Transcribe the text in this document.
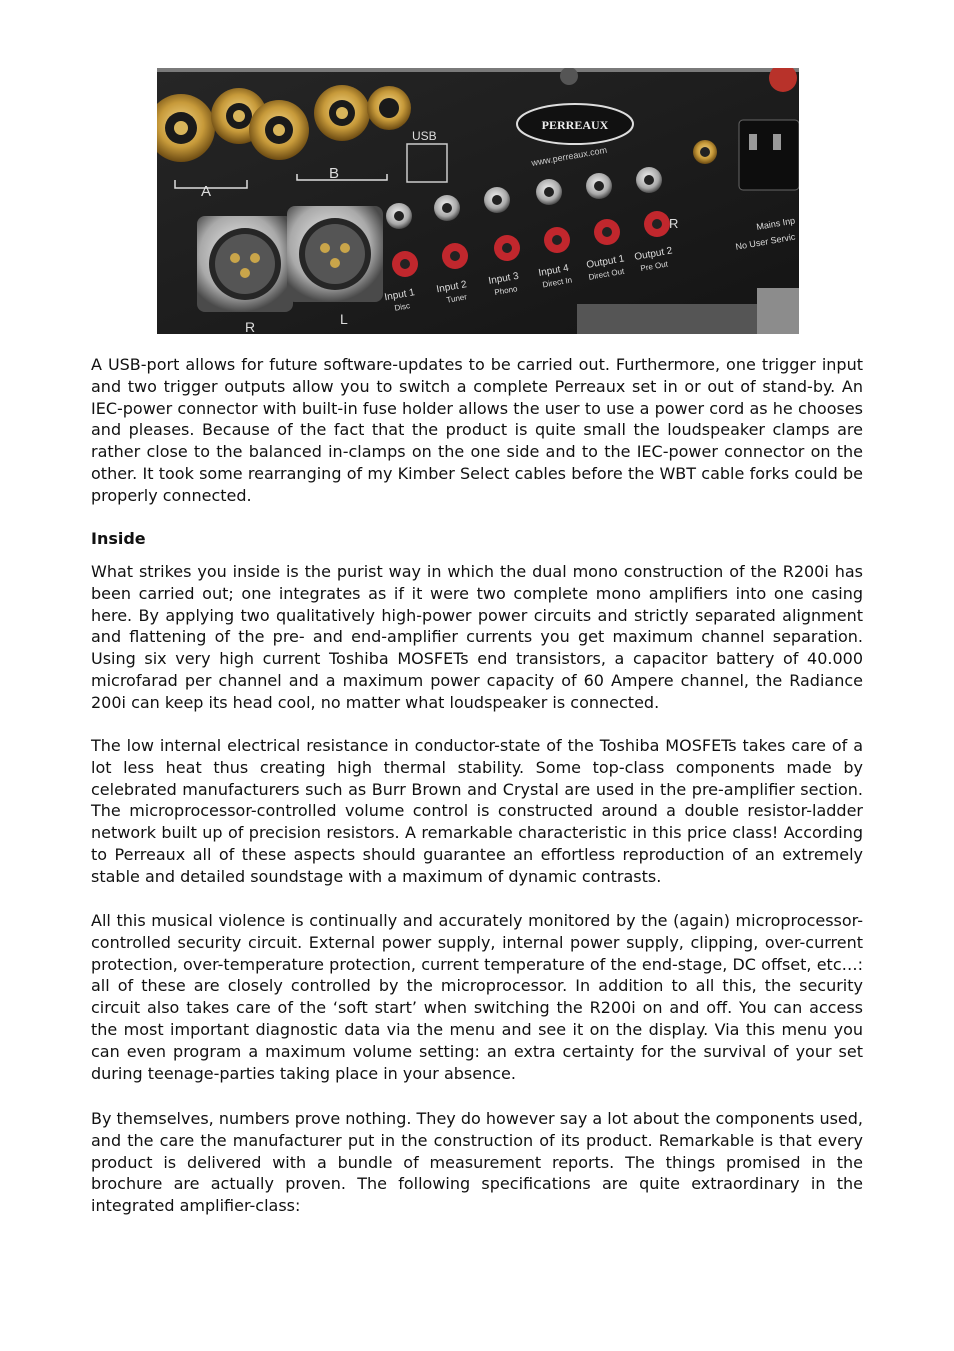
A
B
R	L
USB
PERREAUX
www.perreaux.com
R
Input 1
Disc
Input 2
Tuner
Input 3
Phono
Input 4
Direct In
Output 1
Direct Out
Output 2
Pre Out
Mains Inp
No User Servic
A USB-port allows for future software-updates to be carried out. Furthermore, one trigger input and two trigger outputs allow you to switch a complete Perreaux set in or out of stand-by. An IEC-power connector with built-in fuse holder allows the user to use a power cord as he chooses and pleases. Because of the fact that the product is quite small the loudspeaker clamps are rather close to the balanced in-clamps on the one side and to the IEC-power connector on the other. It took some rearranging of my Kimber Select cables before the WBT cable forks could be properly connected.
Inside
What strikes you inside is the purist way in which the dual mono construction of the R200i has been carried out; one integrates as if it were two complete mono amplifiers into one casing here. By applying two qualitatively high-power power circuits and strictly separated alignment and flattening of the pre- and end-amplifier currents you get maximum channel separation. Using six very high current Toshiba MOSFETs end transistors, a capacitor battery of 40.000 microfarad per channel and a maximum power capacity of 60 Ampere channel, the Radiance 200i can keep its head cool, no matter what loudspeaker is connected.
The low internal electrical resistance in conductor-state of the Toshiba MOSFETs takes care of a lot less heat thus creating high thermal stability. Some top-class components made by celebrated manufacturers such as Burr Brown and Crystal are used in the pre-amplifier section. The microprocessor-controlled volume control is constructed around a double resistor-ladder network built up of precision resistors. A remarkable characteristic in this price class! According to Perreaux all of these aspects should guarantee an effortless reproduction of an extremely stable and detailed soundstage with a maximum of dynamic contrasts.
All this musical violence is continually and accurately monitored by the (again) microprocessor-controlled security circuit. External power supply, internal power supply, clipping, over-current protection, over-temperature protection, current temperature of the end-stage, DC offset, etc…: all of these are closely controlled by the microprocessor. In addition to all this, the security circuit also takes care of the ‘soft start’ when switching the R200i on and off. You can access the most important diagnostic data via the menu and see it on the display. Via this menu you can even program a maximum volume setting: an extra certainty for the survival of your set during teenage-parties taking place in your absence.
By themselves, numbers prove nothing. They do however say a lot about the components used, and the care the manufacturer put in the construction of its product. Remarkable is that every product is delivered with a bundle of measurement reports. The things promised in the brochure are actually proven. The following specifications are quite extraordinary in the integrated amplifier-class:
